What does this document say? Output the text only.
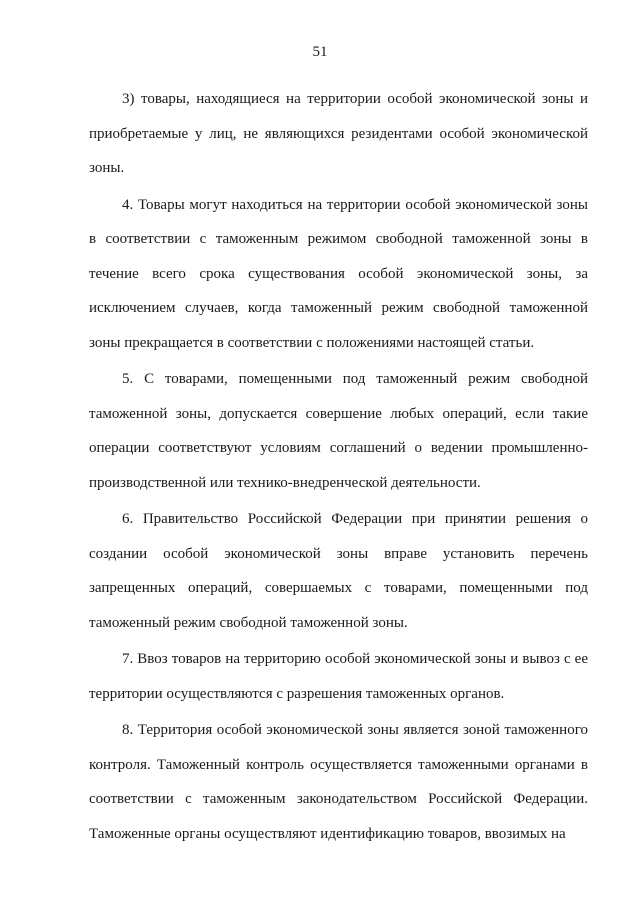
51

3) товары, находящиеся на территории особой экономической зоны и приобретаемые у лиц, не являющихся резидентами особой экономической зоны.

4. Товары могут находиться на территории особой экономической зоны в соответствии с таможенным режимом свободной таможенной зоны в течение всего срока существования особой экономической зоны, за исключением случаев, когда таможенный режим свободной таможенной зоны прекращается в соответствии с положениями настоящей статьи.

5. С товарами, помещенными под таможенный режим свободной таможенной зоны, допускается совершение любых операций, если такие операции соответствуют условиям соглашений о ведении промышленно-производственной или технико-внедренческой деятельности.

6. Правительство Российской Федерации при принятии решения о создании особой экономической зоны вправе установить перечень запрещенных операций, совершаемых с товарами, помещенными под таможенный режим свободной таможенной зоны.

7. Ввоз товаров на территорию особой экономической зоны и вывоз с ее территории осуществляются с разрешения таможенных органов.

8. Территория особой экономической зоны является зоной таможенного контроля. Таможенный контроль осуществляется таможенными органами в соответствии с таможенным законодательством Российской Федерации. Таможенные органы осуществляют идентификацию товаров, ввозимых на
